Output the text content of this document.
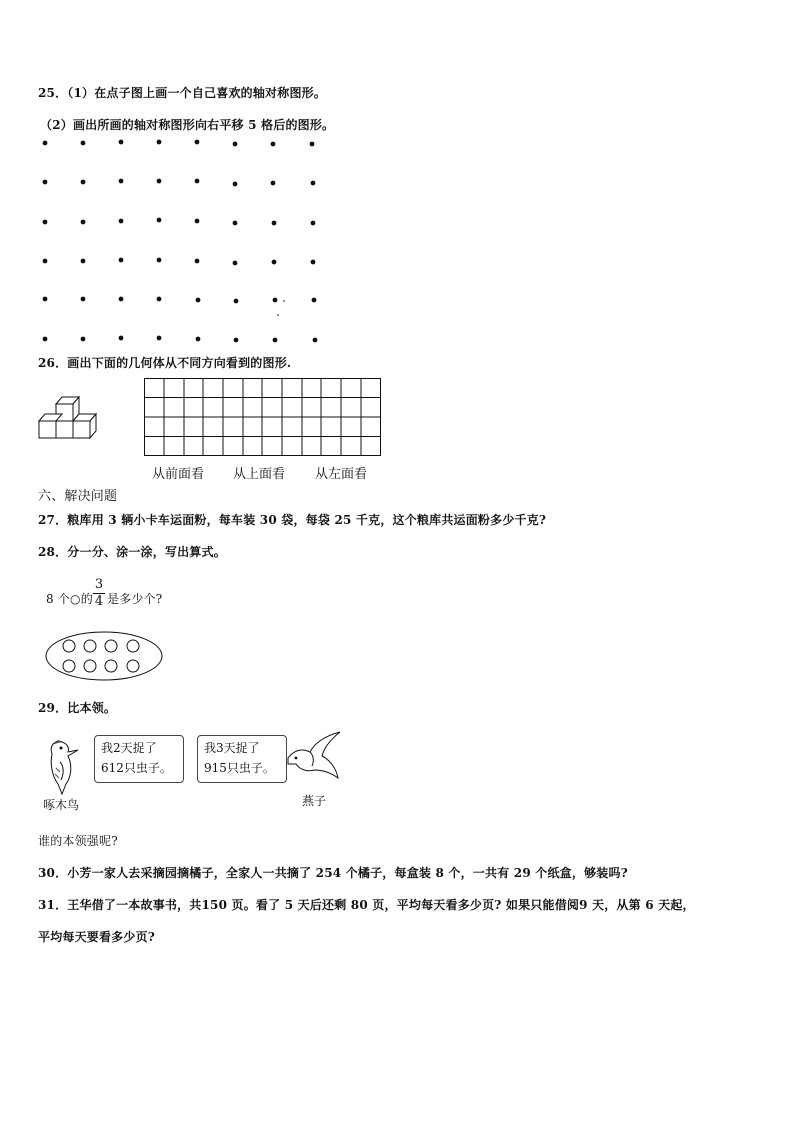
25．（1）在点子图上画一个自己喜欢的轴对称图形。
（2）画出所画的轴对称图形向右平移 5 格后的图形。
26．画出下面的几何体从不同方向看到的图形.
从前面看 从上面看 从左面看
六、解决问题
27．粮库用 3 辆小卡车运面粉，每车装 30 袋，每袋 25 千克，这个粮库共运面粉多少千克?
28．分一分、涂一涂，写出算式。
8 个○的
3
4 是多少个?
29．比本领。
啄木鸟
我2天捉了
612只虫子。
我3天捉了
915只虫子。
燕子
谁的本领强呢?
30．小芳一家人去采摘园摘橘子，全家人一共摘了 254 个橘子，每盒装 8 个，一共有 29 个纸盒，够装吗?
31．王华借了一本故事书，共150 页。看了 5 天后还剩 80 页，平均每天看多少页? 如果只能借阅9 天，从第 6 天起，
平均每天要看多少页?
